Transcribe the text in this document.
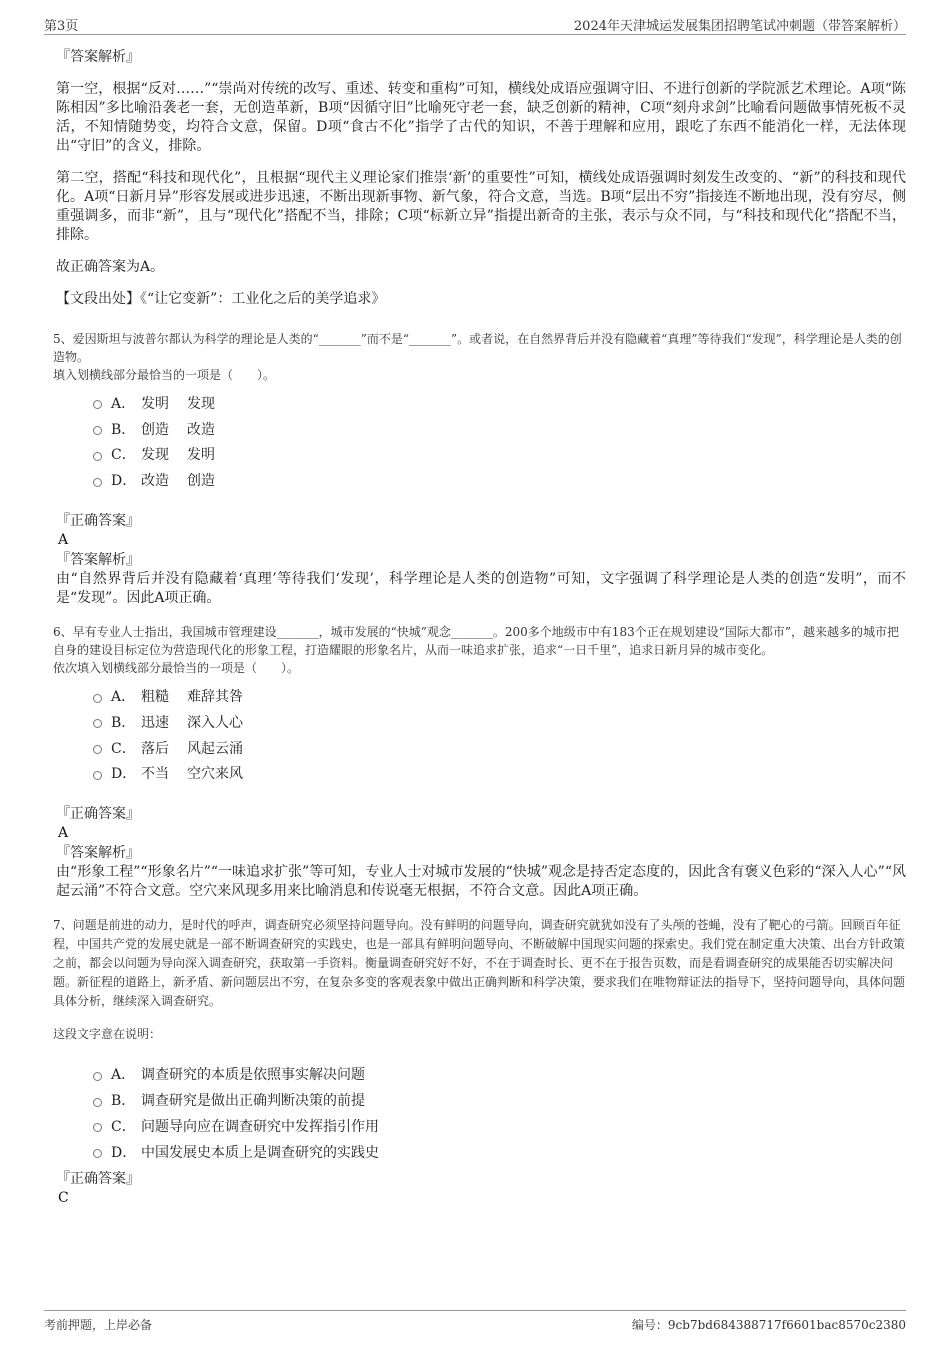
第3页	2024年天津城运发展集团招聘笔试冲刺题（带答案解析）
『答案解析』

第一空，根据“反对……”“崇尚对传统的改写、重述、转变和重构”可知，横线处成语应强调守旧、不进行创新的学院派艺术理论。A项“陈陈相因”多比喻沿袭老一套，无创造革新，B项“因循守旧”比喻死守老一套，缺乏创新的精神，C项“刻舟求剑”比喻看问题做事情死板不灵活，不知情随势变，均符合文意，保留。D项“食古不化”指学了古代的知识，不善于理解和应用，跟吃了东西不能消化一样，无法体现出“守旧”的含义，排除。

第二空，搭配“科技和现代化”，且根据“现代主义理论家们推崇‘新’的重要性”可知，横线处成语强调时刻发生改变的、“新”的科技和现代化。A项“日新月异”形容发展或进步迅速，不断出现新事物、新气象，符合文意，当选。B项“层出不穷”指接连不断地出现，没有穷尽，侧重强调多，而非“新”，且与“现代化”搭配不当，排除；C项“标新立异”指提出新奇的主张，表示与众不同，与“科技和现代化”搭配不当，排除。

故正确答案为A。

【文段出处】《“让它变新”：工业化之后的美学追求》

5、爱因斯坦与波普尔都认为科学的理论是人类的“_______”而不是“_______”。或者说，在自然界背后并没有隐藏着“真理”等待我们“发现”，科学理论是人类的创造物。

填入划横线部分最恰当的一项是（　　）。

A． 发明 发现
B． 创造 改造
C． 发现 发明
D． 改造 创造
『正确答案』
A
『答案解析』

由“自然界背后并没有隐藏着‘真理’等待我们‘发现’，科学理论是人类的创造物”可知，文字强调了科学理论是人类的创造“发明”，而不是“发现”。因此A项正确。

6、早有专业人士指出，我国城市管理建设_______，城市发展的“快城”观念_______。200多个地级市中有183个正在规划建设“国际大都市”，越来越多的城市把自身的建设目标定位为营造现代化的形象工程，打造耀眼的形象名片，从而一味追求扩张，追求“一日千里”，追求日新月异的城市变化。

依次填入划横线部分最恰当的一项是（　　）。

A． 粗糙 难辞其咎
B． 迅速 深入人心
C． 落后 风起云涌
D． 不当 空穴来风
『正确答案』
A
『答案解析』

由“形象工程”“形象名片”“一味追求扩张”等可知，专业人士对城市发展的“快城”观念是持否定态度的，因此含有褒义色彩的“深入人心”“风起云涌”不符合文意。空穴来风现多用来比喻消息和传说毫无根据，不符合文意。因此A项正确。

7、问题是前进的动力，是时代的呼声，调查研究必须坚持问题导向。没有鲜明的问题导向，调查研究就犹如没有了头颅的苍蝇，没有了靶心的弓箭。回顾百年征程，中国共产党的发展史就是一部不断调查研究的实践史，也是一部具有鲜明问题导向、不断破解中国现实问题的探索史。我们党在制定重大决策、出台方针政策之前，都会以问题为导向深入调查研究，获取第一手资料。衡量调查研究好不好，不在于调查时长、更不在于报告页数，而是看调查研究的成果能否切实解决问题。新征程的道路上，新矛盾、新问题层出不穷，在复杂多变的客观表象中做出正确判断和科学决策，要求我们在唯物辩证法的指导下，坚持问题导向，具体问题具体分析，继续深入调查研究。

这段文字意在说明：

A． 调查研究的本质是依照事实解决问题
B． 调查研究是做出正确判断决策的前提
C． 问题导向应在调查研究中发挥指引作用
D． 中国发展史本质上是调查研究的实践史
『正确答案』
C
考前押题，上岸必备	编号：9cb7bd684388717f6601bac8570c2380
